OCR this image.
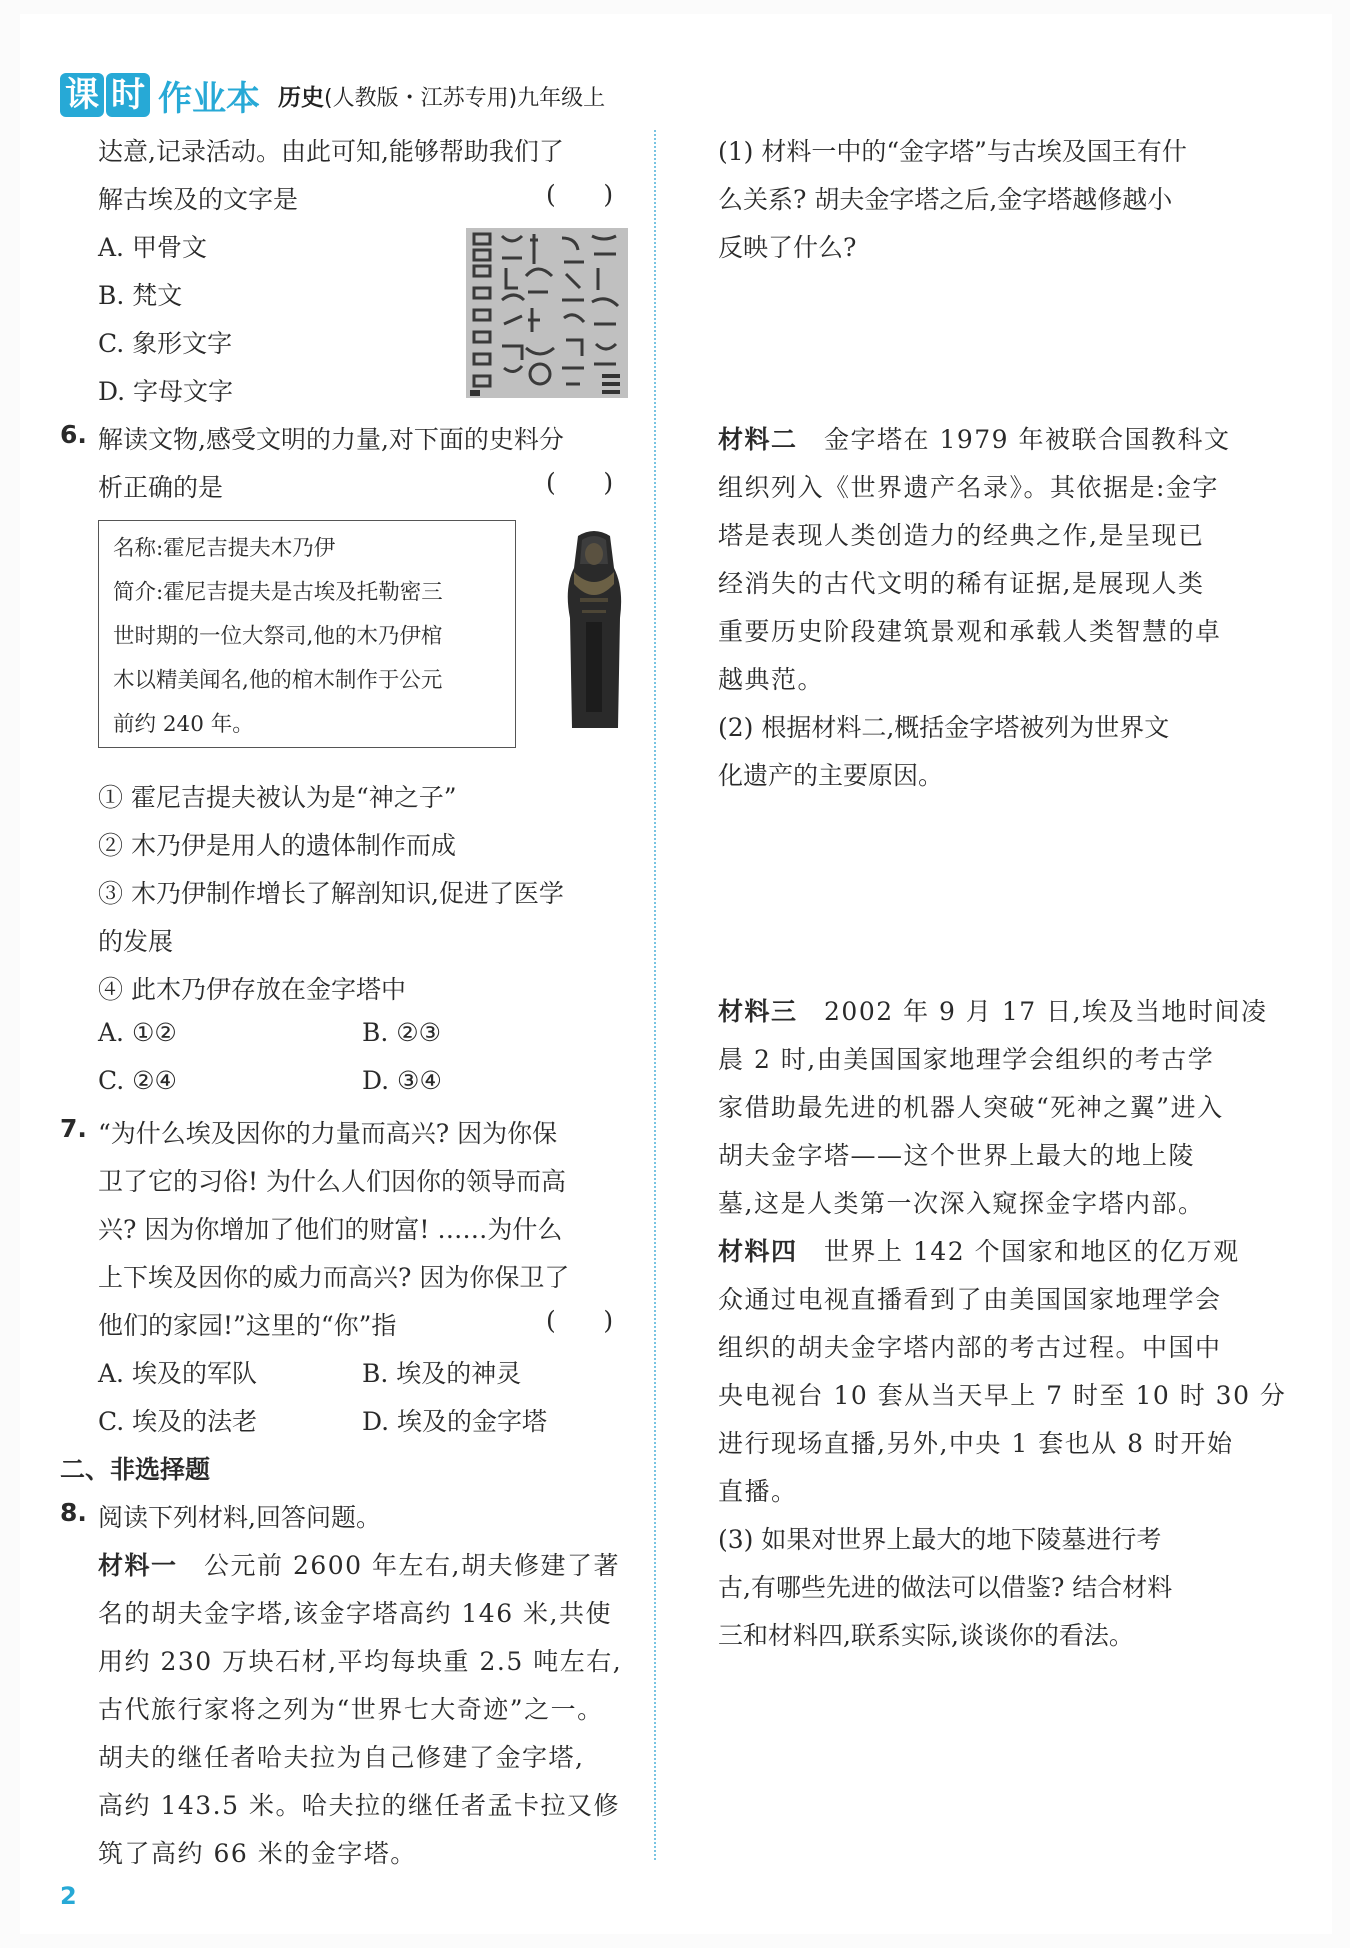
课 时 作业本 历史(人教版・江苏专用)九年级上
达意,记录活动。由此可知,能够帮助我们了
解古埃及的文字是	(      )
A. 甲骨文
B. 梵文
C. 象形文字
D. 字母文字
6. 解读文物,感受文明的力量,对下面的史料分
析正确的是	(      )
名称:霍尼吉提夫木乃伊
简介:霍尼吉提夫是古埃及托勒密三
世时期的一位大祭司,他的木乃伊棺
木以精美闻名,他的棺木制作于公元
前约 240 年。
① 霍尼吉提夫被认为是“神之子”
② 木乃伊是用人的遗体制作而成
③ 木乃伊制作增长了解剖知识,促进了医学
的发展
④ 此木乃伊存放在金字塔中
A. ①②	B. ②③
C. ②④	D. ③④
7. “为什么埃及因你的力量而高兴? 因为你保
卫了它的习俗! 为什么人们因你的领导而高
兴? 因为你增加了他们的财富! ……为什么
上下埃及因你的威力而高兴? 因为你保卫了
他们的家园!”这里的“你”指	(      )
A. 埃及的军队	B. 埃及的神灵
C. 埃及的法老	D. 埃及的金字塔
二、非选择题
8. 阅读下列材料,回答问题。
材料一  公元前 2600 年左右,胡夫修建了著
名的胡夫金字塔,该金字塔高约 146 米,共使
用约 230 万块石材,平均每块重 2.5 吨左右,
古代旅行家将之列为“世界七大奇迹”之一。
胡夫的继任者哈夫拉为自己修建了金字塔,
高约 143.5 米。哈夫拉的继任者孟卡拉又修
筑了高约 66 米的金字塔。
(1) 材料一中的“金字塔”与古埃及国王有什
么关系? 胡夫金字塔之后,金字塔越修越小
反映了什么?
材料二  金字塔在 1979 年被联合国教科文
组织列入《世界遗产名录》。其依据是:金字
塔是表现人类创造力的经典之作,是呈现已
经消失的古代文明的稀有证据,是展现人类
重要历史阶段建筑景观和承载人类智慧的卓
越典范。
(2) 根据材料二,概括金字塔被列为世界文
化遗产的主要原因。
材料三  2002 年 9 月 17 日,埃及当地时间凌
晨 2 时,由美国国家地理学会组织的考古学
家借助最先进的机器人突破“死神之翼”进入
胡夫金字塔——这个世界上最大的地上陵
墓,这是人类第一次深入窥探金字塔内部。
材料四  世界上 142 个国家和地区的亿万观
众通过电视直播看到了由美国国家地理学会
组织的胡夫金字塔内部的考古过程。中国中
央电视台 10 套从当天早上 7 时至 10 时 30 分
进行现场直播,另外,中央 1 套也从 8 时开始
直播。
(3) 如果对世界上最大的地下陵墓进行考
古,有哪些先进的做法可以借鉴? 结合材料
三和材料四,联系实际,谈谈你的看法。
2
